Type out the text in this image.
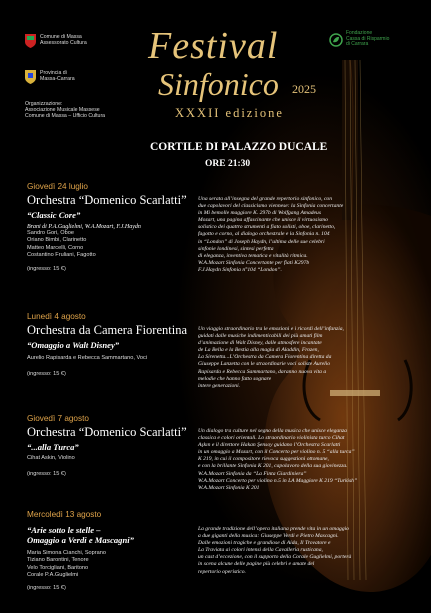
Comune di Massa
Assessorato Cultura
Provincia di
Massa-Carrara
Organizzazione:
Associazione Musicale Massese
Comune di Massa – Ufficio Cultura
Fondazione
Cassa di Risparmio
di Carrara
Festival
Sinfonico 2025
XXXII edizione
CORTILE DI PALAZZO DUCALE
ORE 21:30

Giovedì 24 luglio

Orchestra “Domenico Scarlatti”

“Classic Core”

Brani di P.A.Guglielmi, W.A.Mozart, F.J.Haydn

Sandro Gori, Oboe

Oriano Bimbi, Clarinetto

Matteo Marcelli, Corno

Costantino Fruliani, Fagotto

(ingresso: 15 €)

Una serata all’insegna del grande repertorio sinfonico, con

due capolavori del classicismo viennese: la Sinfonia concertante

in Mi bemolle maggiore K. 297b di Wolfgang Amadeus

Mozart, una pagina affascinante che unisce il virtuosismo

solistico dei quattro strumenti a fiato solisti, oboe, clarinetto,

fagotto e corno, al dialogo orchestrale e la Sinfonia n. 104

in “London” di Joseph Haydn, l’ultima delle sue celebri

sinfonie londinesi, sintesi perfetta

di eleganza, inventiva tematica e vitalità ritmica.

W.A.Mozart Sinfonia Concertante per fiati K297b

F.J.Haydn Sinfonia n°104 “London”.

Lunedì 4 agosto

Orchestra da Camera Fiorentina

“Omaggio a Walt Disney”

Aurelio Rapisarda e Rebecca Sammartano, Voci

(ingresso: 15 €)

Un viaggio straordinario tra le emozioni e i ricordi dell’infanzia,

guidati dalle musiche indimenticabili dei più amati film

d’animazione di Walt Disney, dalle atmosfere incantate

de La Bella e la Bestia alla magia di Aladdin, Frozen,

La Sirenetta...L’Orchestra da Camera Fiorentina diretta da

Giuseppe Lanzetta con le straordinarie voci soliste Aurelio

Rapisarda e Rebecca Sammartano, daranno nuova vita a

melodie che hanno fatto sognare

intere generazioni.

Giovedì 7 agosto

Orchestra “Domenico Scarlatti”

“...alla Turca”

Cihat Askin, Violino

(ingresso: 15 €)

Un dialogo tra culture nel segno della musica che unisce eleganza

classica e colori orientali. Lo straordinario violinista turco Cihat

Aşkın e il direttore Hakan Şensoy guidano l’Orchestra Scarlatti

in un omaggio a Mozart, con il Concerto per violino n. 5 “alla turca”

K 219, in cui il compositore rievoca suggestioni ottomane,

e con la brillante Sinfonia K 201, capolavoro della sua giovinezza.

W.A.Mozart Sinfonia da “La Finta Giardiniera”

W.A.Mozart Concerto per violino n.5 in LA Maggiore K 219 “Turkish”

W.A.Mozart Sinfonia K 201

Mercoledì 13 agosto

“Arie sotto le stelle –

Omaggio a Verdi e Mascagni”

Maria Simona Cianchi, Soprano

Tiziano Barontini, Tenore

Velo Torcigliani, Baritono

Corale P.A.Guglielmi

(ingresso: 15 €)

La grande tradizione dell’opera italiana prende vita in un omaggio

a due giganti della musica: Giuseppe Verdi e Pietro Mascagni.

Dalle emozioni tragiche e grandiose di Aida, Il Trovatore e

La Traviata ai colori intensi della Cavalleria rusticana,

un cast d’eccezione, con il supporto della Corale Guglielmi, porterà

in scena alcune delle pagine più celebri e amate del

repertorio operistico.
